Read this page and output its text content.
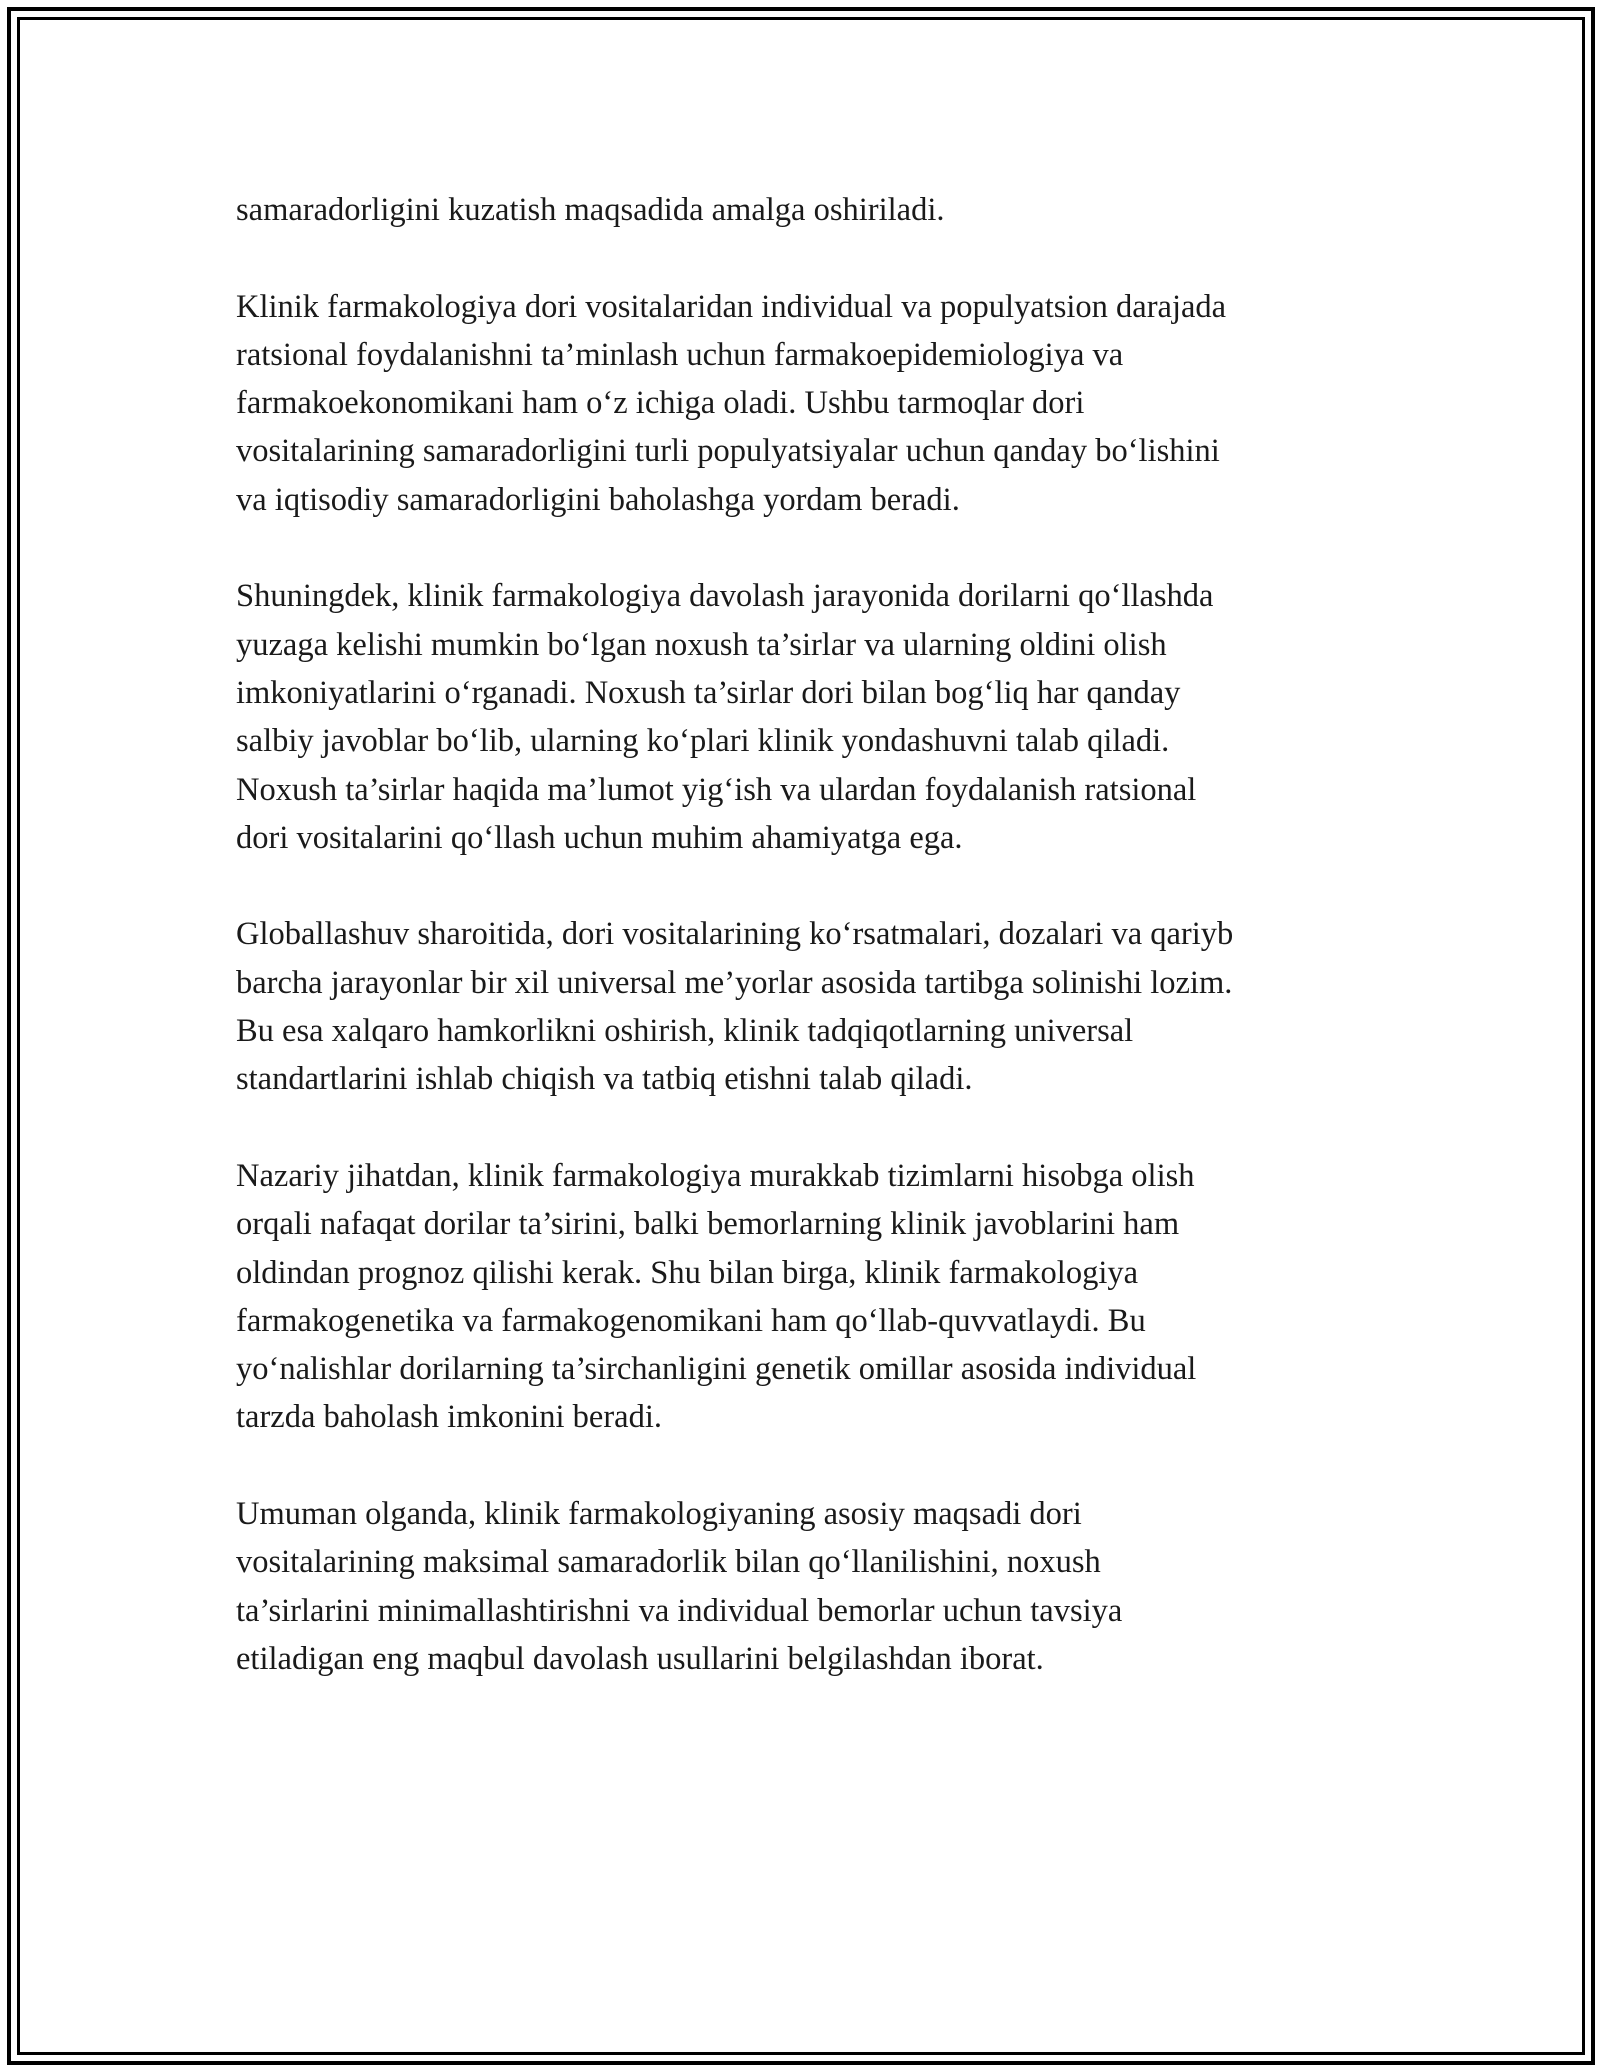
samaradorligini kuzatish maqsadida amalga oshiriladi.

Klinik farmakologiya dori vositalaridan individual va populyatsion darajada
ratsional foydalanishni ta’minlash uchun farmakoepidemiologiya va
farmakoekonomikani ham o‘z ichiga oladi. Ushbu tarmoqlar dori
vositalarining samaradorligini turli populyatsiyalar uchun qanday bo‘lishini
va iqtisodiy samaradorligini baholashga yordam beradi.

Shuningdek, klinik farmakologiya davolash jarayonida dorilarni qo‘llashda
yuzaga kelishi mumkin bo‘lgan noxush ta’sirlar va ularning oldini olish
imkoniyatlarini o‘rganadi. Noxush ta’sirlar dori bilan bog‘liq har qanday
salbiy javoblar bo‘lib, ularning ko‘plari klinik yondashuvni talab qiladi.
Noxush ta’sirlar haqida ma’lumot yig‘ish va ulardan foydalanish ratsional
dori vositalarini qo‘llash uchun muhim ahamiyatga ega.

Globallashuv sharoitida, dori vositalarining ko‘rsatmalari, dozalari va qariyb
barcha jarayonlar bir xil universal me’yorlar asosida tartibga solinishi lozim.
Bu esa xalqaro hamkorlikni oshirish, klinik tadqiqotlarning universal
standartlarini ishlab chiqish va tatbiq etishni talab qiladi.

Nazariy jihatdan, klinik farmakologiya murakkab tizimlarni hisobga olish
orqali nafaqat dorilar ta’sirini, balki bemorlarning klinik javoblarini ham
oldindan prognoz qilishi kerak. Shu bilan birga, klinik farmakologiya
farmakogenetika va farmakogenomikani ham qo‘llab-quvvatlaydi. Bu
yo‘nalishlar dorilarning ta’sirchanligini genetik omillar asosida individual
tarzda baholash imkonini beradi.

Umuman olganda, klinik farmakologiyaning asosiy maqsadi dori
vositalarining maksimal samaradorlik bilan qo‘llanilishini, noxush
ta’sirlarini minimallashtirishni va individual bemorlar uchun tavsiya
etiladigan eng maqbul davolash usullarini belgilashdan iborat.
